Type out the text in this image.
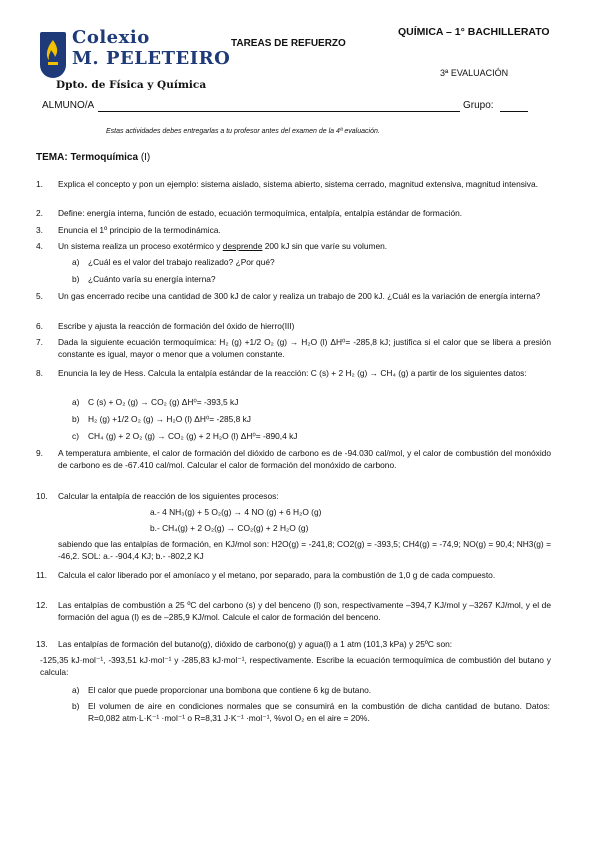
Colexio
M. PELETEIRO
Dpto. de Física y Química
TAREAS DE REFUERZO
QUÍMICA – 1° BACHILLERATO
3ª EVALUACIÓN
ALMUNO/A	Grupo:
Estas actividades debes entregarlas a tu profesor antes del examen de la 4ª evaluación.
TEMA: Termoquímica (I)
1. Explica el concepto y pon un ejemplo: sistema aislado, sistema abierto, sistema cerrado, magnitud extensiva, magnitud intensiva.
2. Define: energía interna, función de estado, ecuación termoquímica, entalpía, entalpía estándar de formación.
3. Enuncia el 1º principio de la termodinámica.
4. Un sistema realiza un proceso exotérmico y desprende 200 kJ sin que varíe su volumen.
a) ¿Cuál es el valor del trabajo realizado? ¿Por qué?
b) ¿Cuánto varía su energía interna?
5. Un gas encerrado recibe una cantidad de 300 kJ de calor y realiza un trabajo de 200 kJ. ¿Cuál es la variación de energía interna?
6. Escribe y ajusta la reacción de formación del óxido de hierro(III)
7. Dada la siguiente ecuación termoquímica: H₂ (g) +1/2 O₂ (g) → H₂O (l) ΔH⁰= -285,8 kJ; justifica si el calor que se libera a presión constante es igual, mayor o menor que a volumen constante.
8. Enuncia la ley de Hess. Calcula la entalpía estándar de la reacción: C (s) + 2 H₂ (g) → CH₄ (g) a partir de los siguientes datos:
a) C (s) + O₂ (g) → CO₂ (g) ΔH⁰= -393,5 kJ
b) H₂ (g) +1/2 O₂ (g) → H₂O (l) ΔH⁰= -285,8 kJ
c) CH₄ (g) + 2 O₂ (g) → CO₂ (g) + 2 H₂O (l) ΔH⁰= -890,4 kJ
9. A temperatura ambiente, el calor de formación del dióxido de carbono es de -94.030 cal/mol, y el calor de combustión del monóxido de carbono es de -67.410 cal/mol. Calcular el calor de formación del monóxido de carbono.
10. Calcular la entalpía de reacción de los siguientes procesos:
a.- 4 NH₃(g) + 5 O₂(g) → 4 NO (g) + 6 H₂O (g)
b.- CH₄(g) + 2 O₂(g) → CO₂(g) + 2 H₂O (g)
sabiendo que las entalpías de formación, en KJ/mol son: H2O(g) = -241,8; CO2(g) = -393,5; CH4(g) = -74,9; NO(g) = 90,4; NH3(g) = -46,2. SOL: a.- -904,4 KJ; b.- -802,2 KJ
11. Calcula el calor liberado por el amoníaco y el metano, por separado, para la combustión de 1,0 g de cada compuesto.
12. Las entalpías de combustión a 25 ºC del carbono (s) y del benceno (l) son, respectivamente –394,7 KJ/mol y –3267 KJ/mol, y el de formación del agua (l) es de –285,9 KJ/mol. Calcule el calor de formación del benceno.
13. Las entalpías de formación del butano(g), dióxido de carbono(g) y agua(l) a 1 atm (101,3 kPa) y 25ºC son:
-125,35 kJ·mol⁻¹, -393,51 kJ·mol⁻¹ y -285,83 kJ·mol⁻¹, respectivamente. Escribe la ecuación termoquímica de combustión del butano y calcula:
a) El calor que puede proporcionar una bombona que contiene 6 kg de butano.
b) El volumen de aire en condiciones normales que se consumirá en la combustión de dicha cantidad de butano. Datos: R=0,082 atm·L·K⁻¹ ·mol⁻¹ o R=8,31 J·K⁻¹ ·mol⁻¹, %vol O₂ en el aire = 20%.
